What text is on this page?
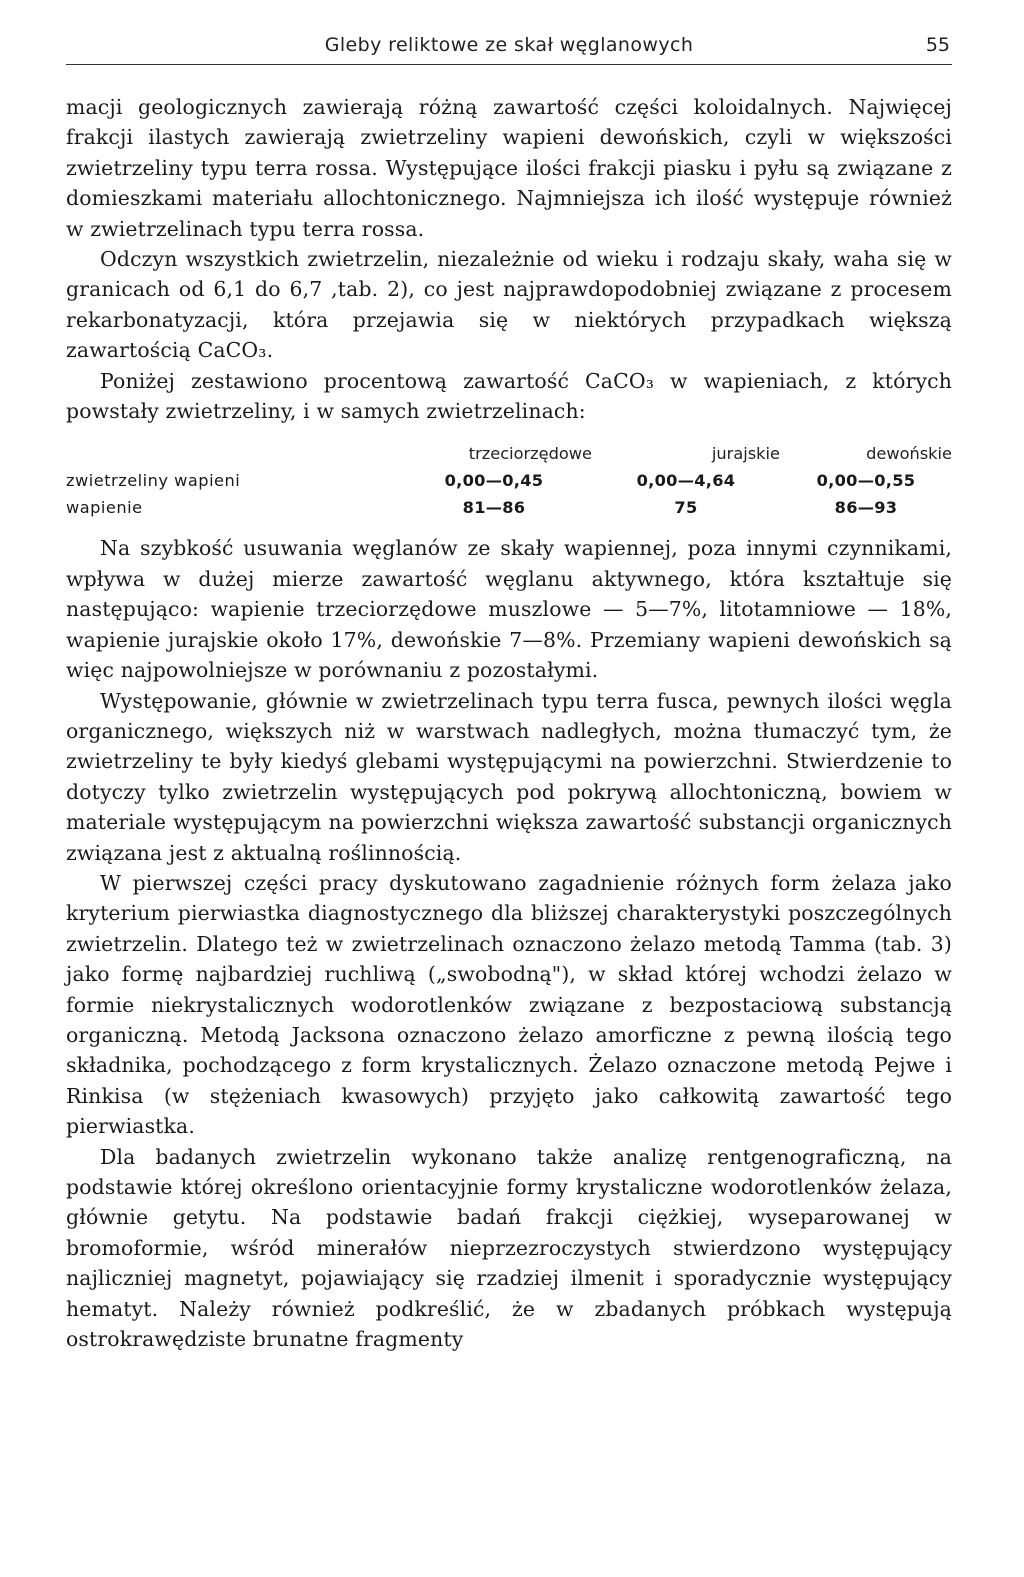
Gleby reliktowe ze skał węglanowych	55

macji geologicznych zawierają różną zawartość części koloidalnych. Najwięcej frakcji ilastych zawierają zwietrzeliny wapieni dewońskich, czyli w większości zwietrzeliny typu terra rossa. Występujące ilości frakcji piasku i pyłu są związane z domieszkami materiału allochtonicznego. Najmniejsza ich ilość występuje również w zwietrzelinach typu terra rossa.

Odczyn wszystkich zwietrzelin, niezależnie od wieku i rodzaju skały, waha się w granicach od 6,1 do 6,7 ,tab. 2), co jest najprawdopodobniej związane z procesem rekarbonatyzacji, która przejawia się w niektórych przypadkach większą zawartością CaCO₃.

Poniżej zestawiono procentową zawartość CaCO₃ w wapieniach, z których powstały zwietrzeliny, i w samych zwietrzelinach:

	trzeciorzędowe	jurajskie	dewońskie
zwietrzeliny wapieni	0,00—0,45	0,00—4,64	0,00—0,55
wapienie	81—86	75	86—93

Na szybkość usuwania węglanów ze skały wapiennej, poza innymi czynnikami, wpływa w dużej mierze zawartość węglanu aktywnego, która kształtuje się następująco: wapienie trzeciorzędowe muszlowe — 5—7%, litotamniowe — 18%, wapienie jurajskie około 17%, dewońskie 7—8%. Przemiany wapieni dewońskich są więc najpowolniejsze w porównaniu z pozostałymi.

Występowanie, głównie w zwietrzelinach typu terra fusca, pewnych ilości węgla organicznego, większych niż w warstwach nadległych, można tłumaczyć tym, że zwietrzeliny te były kiedyś glebami występującymi na powierzchni. Stwierdzenie to dotyczy tylko zwietrzelin występujących pod pokrywą allochtoniczną, bowiem w materiale występującym na powierzchni większa zawartość substancji organicznych związana jest z aktualną roślinnością.

W pierwszej części pracy dyskutowano zagadnienie różnych form żelaza jako kryterium pierwiastka diagnostycznego dla bliższej charakterystyki poszczególnych zwietrzelin. Dlatego też w zwietrzelinach oznaczono żelazo metodą Tamma (tab. 3) jako formę najbardziej ruchliwą („swobodną"), w skład której wchodzi żelazo w formie niekrystalicznych wodorotlenków związane z bezpostaciową substancją organiczną. Metodą Jacksona oznaczono żelazo amorficzne z pewną ilością tego składnika, pochodzącego z form krystalicznych. Żelazo oznaczone metodą Pejwe i Rinkisa (w stężeniach kwasowych) przyjęto jako całkowitą zawartość tego pierwiastka.

Dla badanych zwietrzelin wykonano także analizę rentgenograficzną, na podstawie której określono orientacyjnie formy krystaliczne wodorotlenków żelaza, głównie getytu. Na podstawie badań frakcji ciężkiej, wyseparowanej w bromoformie, wśród minerałów nieprzezroczystych stwierdzono występujący najliczniej magnetyt, pojawiający się rzadziej ilmenit i sporadycznie występujący hematyt. Należy również podkreślić, że w zbadanych próbkach występują ostrokrawędziste brunatne fragmenty
